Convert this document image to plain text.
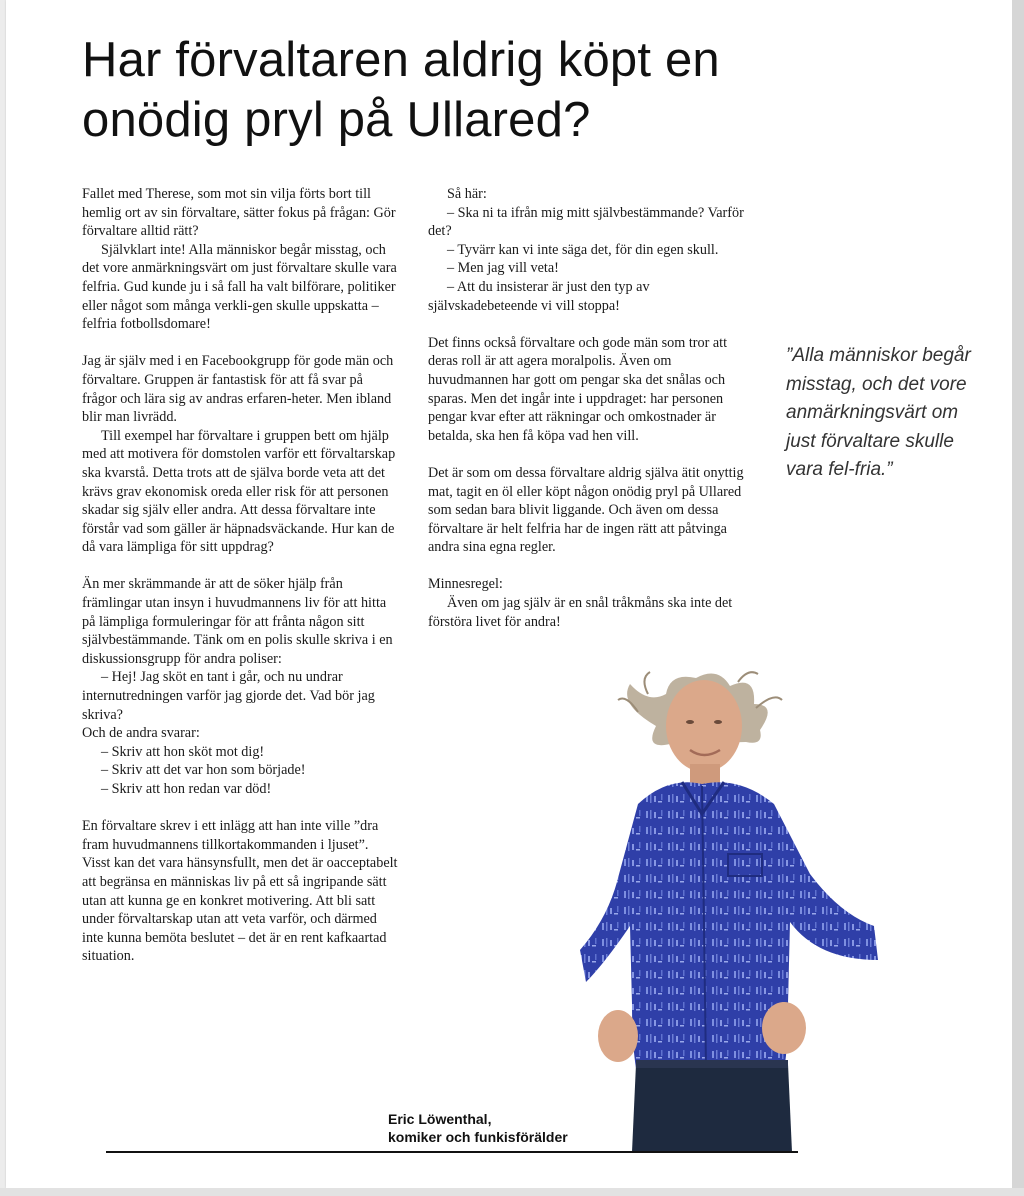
Har förvaltaren aldrig köpt en
onödig pryl på Ullared?

Fallet med Therese, som mot sin vilja förts bort till hemlig ort av sin förvaltare, sätter fokus på frågan: Gör förvaltare alltid rätt?

Självklart inte! Alla människor begår misstag, och det vore anmärkningsvärt om just förvaltare skulle vara felfria. Gud kunde ju i så fall ha valt bilförare, politiker eller något som många verkli-gen skulle uppskatta – felfria fotbollsdomare!

Jag är själv med i en Facebookgrupp för gode män och förvaltare. Gruppen är fantastisk för att få svar på frågor och lära sig av andras erfaren-heter. Men ibland blir man livrädd.

Till exempel har förvaltare i gruppen bett om hjälp med att motivera för domstolen varför ett förvaltarskap ska kvarstå. Detta trots att de själva borde veta att det krävs grav ekonomisk oreda eller risk för att personen skadar sig själv eller andra. Att dessa förvaltare inte förstår vad som gäller är häpnadsväckande. Hur kan de då vara lämpliga för sitt uppdrag?

Än mer skrämmande är att de söker hjälp från främlingar utan insyn i huvudmannens liv för att hitta på lämpliga formuleringar för att frånta någon sitt självbestämmande. Tänk om en polis skulle skriva i en diskussionsgrupp för andra poliser:

– Hej! Jag sköt en tant i går, och nu undrar internutredningen varför jag gjorde det. Vad bör jag skriva?

Och de andra svarar:

– Skriv att hon sköt mot dig!

– Skriv att det var hon som började!

– Skriv att hon redan var död!

En förvaltare skrev i ett inlägg att han inte ville ”dra fram huvudmannens tillkortakommanden i ljuset”. Visst kan det vara hänsynsfullt, men det är oacceptabelt att begränsa en människas liv på ett så ingripande sätt utan att kunna ge en konkret motivering. Att bli satt under förvaltarskap utan att veta varför, och därmed inte kunna bemöta beslutet – det är en rent kafkaartad situation.

Så här:

– Ska ni ta ifrån mig mitt självbestämmande? Varför det?

– Tyvärr kan vi inte säga det, för din egen skull.

– Men jag vill veta!

– Att du insisterar är just den typ av självskadebeteende vi vill stoppa!

Det finns också förvaltare och gode män som tror att deras roll är att agera moralpolis. Även om huvudmannen har gott om pengar ska det snålas och sparas. Men det ingår inte i uppdraget: har personen pengar kvar efter att räkningar och omkostnader är betalda, ska hen få köpa vad hen vill.

Det är som om dessa förvaltare aldrig själva ätit onyttig mat, tagit en öl eller köpt någon onödig pryl på Ullared som sedan bara blivit liggande. Och även om dessa förvaltare är helt felfria har de ingen rätt att påtvinga andra sina egna regler.

Minnesregel:

Även om jag själv är en snål tråkmåns ska inte det förstöra livet för andra!

”Alla människor begår misstag, och det vore anmärkningsvärt om just förvaltare skulle vara fel-fria.”

Eric Löwenthal,
komiker och funkisförälder
